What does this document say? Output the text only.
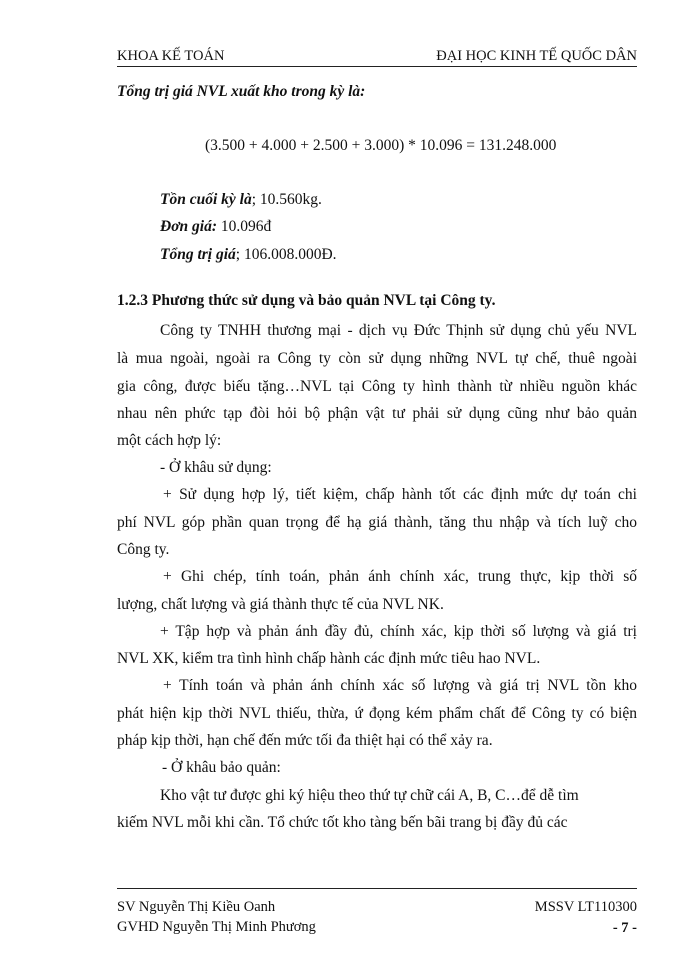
KHOA KẾ TOÁN	ĐẠI HỌC KINH TẾ QUỐC DÂN
Tổng trị giá NVL xuất kho trong kỳ là:
(3.500 + 4.000 + 2.500 + 3.000) * 10.096 = 131.248.000
Tồn cuối kỳ là; 10.560kg.
Đơn giá: 10.096đ
Tổng trị giá; 106.008.000Đ.
1.2.3 Phương thức sử dụng và bảo quản NVL tại Công ty.
Công ty TNHH thương mại - dịch vụ Đức Thịnh sử dụng chủ yếu NVL
là mua ngoài, ngoài ra Công ty còn sử dụng những NVL tự chế, thuê ngoài
gia công, được biếu tặng…NVL tại Công ty hình thành từ nhiều nguồn khác
nhau nên phức tạp đòi hỏi bộ phận vật tư phải sử dụng cũng như bảo quản
một cách hợp lý:
- Ở khâu sử dụng:
+ Sử dụng hợp lý, tiết kiệm, chấp hành tốt các định mức dự toán chi
phí NVL góp phần quan trọng để hạ giá thành, tăng thu nhập và tích luỹ cho
Công ty.
+ Ghi chép, tính toán, phản ánh chính xác, trung thực, kịp thời số
lượng, chất lượng và giá thành thực tế của NVL NK.
+ Tập hợp và phản ánh đầy đủ, chính xác, kịp thời số lượng và giá trị
NVL XK, kiểm tra tình hình chấp hành các định mức tiêu hao NVL.
+ Tính toán và phản ánh chính xác số lượng và giá trị NVL tồn kho
phát hiện kịp thời NVL thiếu, thừa, ứ đọng kém phẩm chất để Công ty có biện
pháp kịp thời, hạn chế đến mức tối đa thiệt hại có thể xảy ra.
- Ở khâu bảo quản:
Kho vật tư được ghi ký hiệu theo thứ tự chữ cái A, B, C…để dễ tìm
kiếm NVL mỗi khi cần. Tổ chức tốt kho tàng bến bãi trang bị đầy đủ các
SV Nguyễn Thị Kiều Oanh
GVHD Nguyễn Thị Minh Phương
MSSV LT110300
- 7 -
